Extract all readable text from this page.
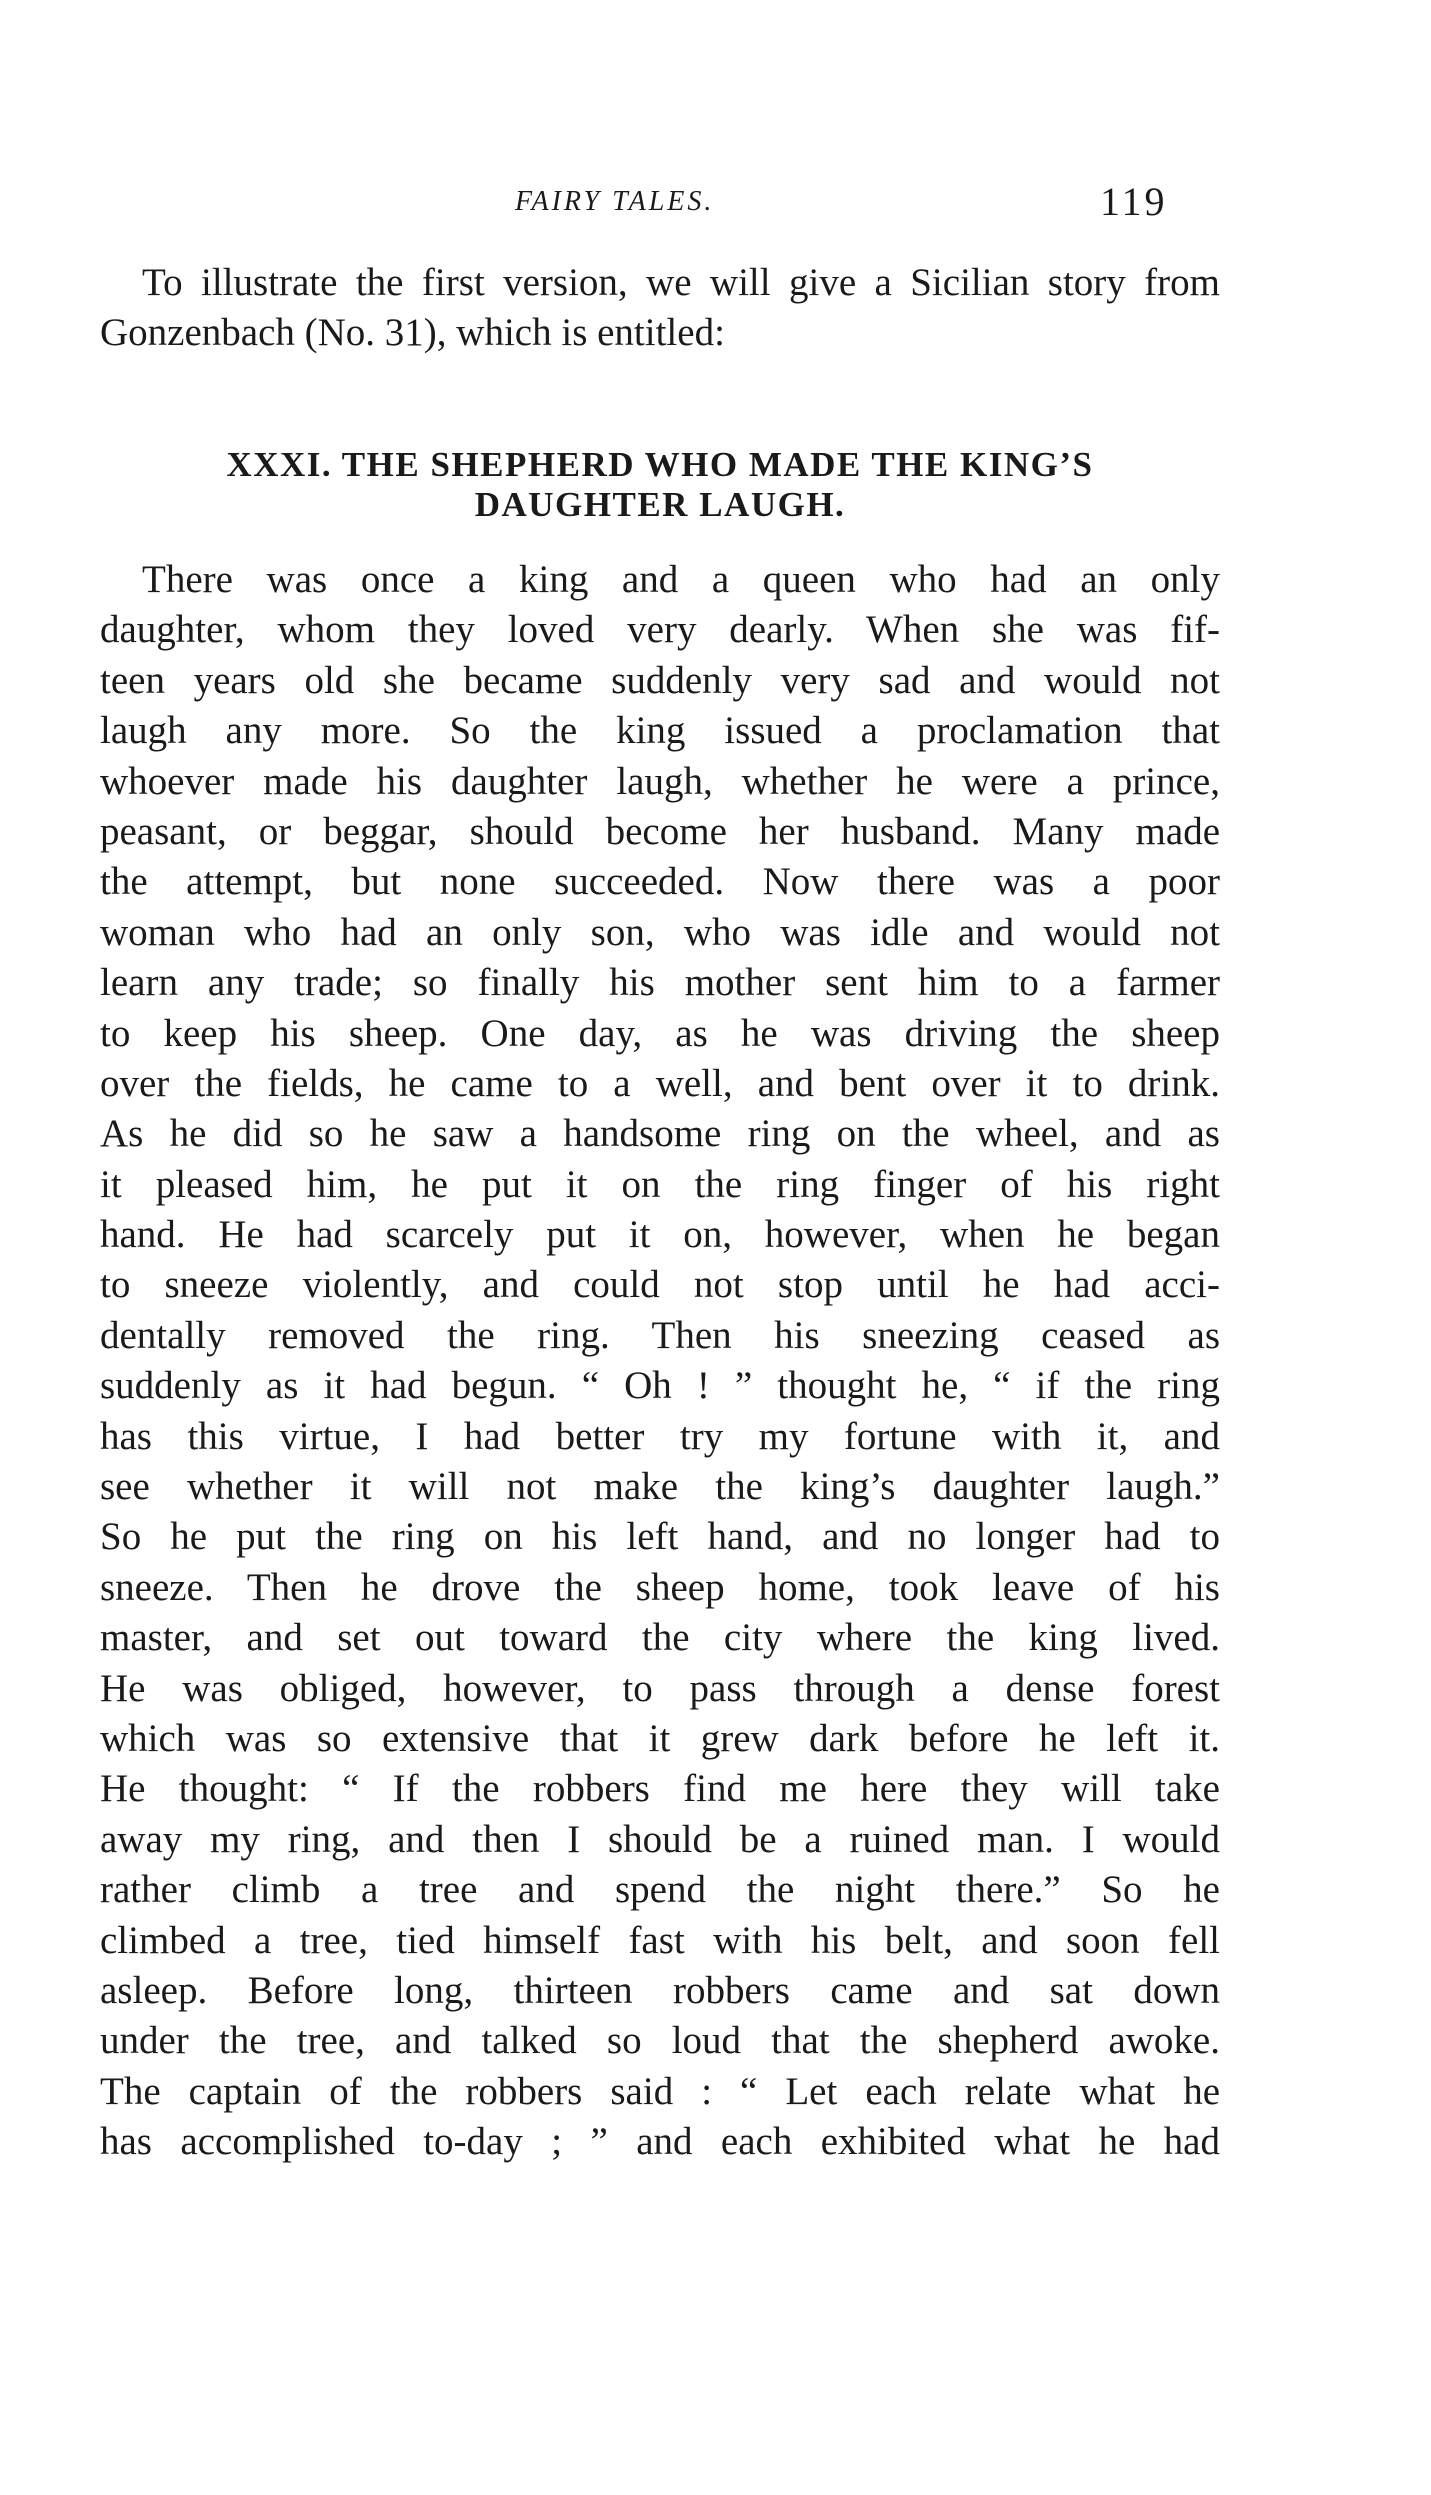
FAIRY TALES.	119

To illustrate the first version, we will give a Sicilian story from Gonzenbach (No. 31), which is entitled:

XXXI. THE SHEPHERD WHO MADE THE KING’S
DAUGHTER LAUGH.
There was once a king and a queen who had an only
daughter, whom they loved very dearly. When she was fif-
teen years old she became suddenly very sad and would not
laugh any more. So the king issued a proclamation that
whoever made his daughter laugh, whether he were a prince,
peasant, or beggar, should become her husband. Many made
the attempt, but none succeeded. Now there was a poor
woman who had an only son, who was idle and would not
learn any trade; so finally his mother sent him to a farmer
to keep his sheep. One day, as he was driving the sheep
over the fields, he came to a well, and bent over it to drink.
As he did so he saw a handsome ring on the wheel, and as
it pleased him, he put it on the ring finger of his right
hand. He had scarcely put it on, however, when he began
to sneeze violently, and could not stop until he had acci-
dentally removed the ring. Then his sneezing ceased as
suddenly as it had begun. “ Oh ! ” thought he, “ if the ring
has this virtue, I had better try my fortune with it, and
see whether it will not make the king’s daughter laugh.”
So he put the ring on his left hand, and no longer had to
sneeze. Then he drove the sheep home, took leave of his
master, and set out toward the city where the king lived.
He was obliged, however, to pass through a dense forest
which was so extensive that it grew dark before he left it.
He thought: “ If the robbers find me here they will take
away my ring, and then I should be a ruined man. I would
rather climb a tree and spend the night there.” So he
climbed a tree, tied himself fast with his belt, and soon fell
asleep. Before long, thirteen robbers came and sat down
under the tree, and talked so loud that the shepherd awoke.
The captain of the robbers said : “ Let each relate what he
has accomplished to-day ; ” and each exhibited what he had
